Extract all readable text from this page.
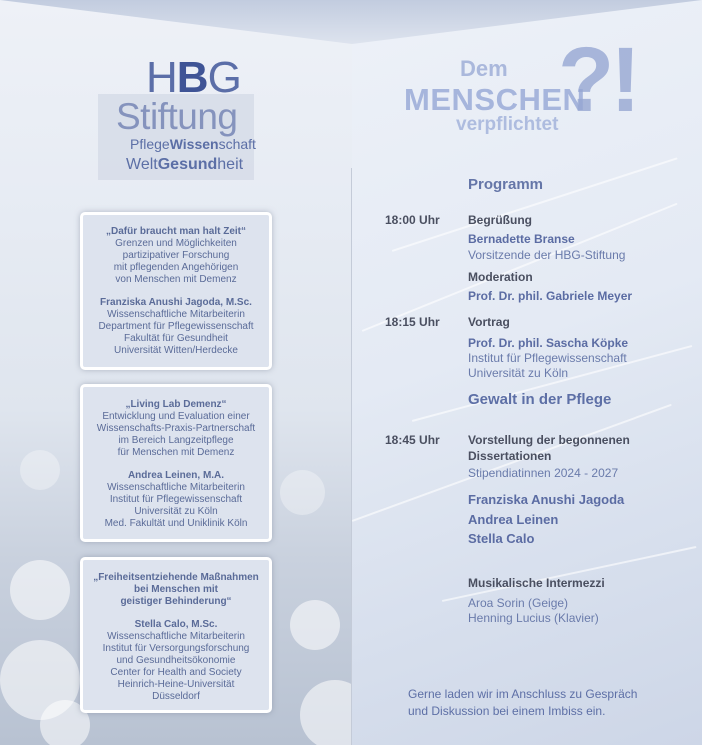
HBG
Stiftung
PflegeWissenschaft
WeltGesundheit
„Dafür braucht man halt Zeit“
Grenzen und Möglichkeiten
partizipativer Forschung
mit pflegenden Angehörigen
von Menschen mit Demenz
Franziska Anushi Jagoda, M.Sc.
Wissenschaftliche Mitarbeiterin
Department für Pflegewissenschaft
Fakultät für Gesundheit
Universität Witten/Herdecke
„Living Lab Demenz“
Entwicklung und Evaluation einer
Wissenschafts-Praxis-Partnerschaft
im Bereich Langzeitpflege
für Menschen mit Demenz
Andrea Leinen, M.A.
Wissenschaftliche Mitarbeiterin
Institut für Pflegewissenschaft
Universität zu Köln
Med. Fakultät und Uniklinik Köln
„Freiheitsentziehende Maßnahmen
bei Menschen mit
geistiger Behinderung“
Stella Calo, M.Sc.
Wissenschaftliche Mitarbeiterin
Institut für Versorgungsforschung
und Gesundheitsökonomie
Center for Health and Society
Heinrich-Heine-Universität
Düsseldorf
Dem
MENSCHEN
verpflichtet ?!
Programm
18:00 Uhr Begrüßung
Bernadette Branse
Vorsitzende der HBG-Stiftung
Moderation
Prof. Dr. phil. Gabriele Meyer
18:15 Uhr Vortrag
Prof. Dr. phil. Sascha Köpke
Institut für Pflegewissenschaft
Universität zu Köln
Gewalt in der Pflege
18:45 Uhr Vorstellung der begonnenen
Dissertationen
Stipendiatinnen 2024 - 2027
Franziska Anushi Jagoda
Andrea Leinen
Stella Calo
Musikalische Intermezzi
Aroa Sorin (Geige)
Henning Lucius (Klavier)
Gerne laden wir im Anschluss zu Gespräch
und Diskussion bei einem Imbiss ein.
